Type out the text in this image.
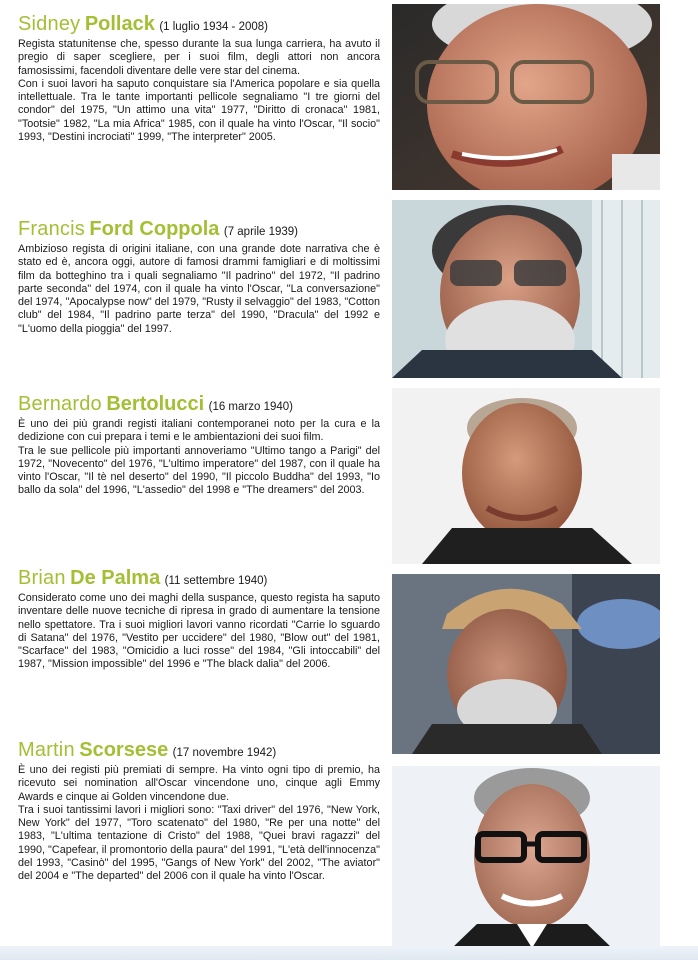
Sidney Pollack (1 luglio 1934 - 2008)

Regista statunitense che, spesso durante la sua lunga carriera, ha avuto il pregio di saper scegliere, per i suoi film, degli attori non ancora famosissimi, facendoli diventare delle vere star del cinema.

Con i suoi lavori ha saputo conquistare sia l'America popolare e sia quella intellettuale. Tra le tante importanti pellicole segnaliamo "I tre giorni del condor" del 1975, "Un attimo una vita" 1977, "Diritto di cronaca" 1981, "Tootsie" 1982, "La mia Africa" 1985, con il quale ha vinto l'Oscar, "Il socio" 1993, "Destini incrociati" 1999, "The interpreter" 2005.

Francis Ford Coppola (7 aprile 1939)

Ambizioso regista di origini italiane, con una grande dote narrativa che è stato ed è, ancora oggi, autore di famosi drammi famigliari e di moltissimi film da botteghino tra i quali segnaliamo "Il padrino" del 1972, "Il padrino parte seconda" del 1974, con il quale ha vinto l'Oscar, "La conversazione" del 1974, "Apocalypse now" del 1979, "Rusty il selvaggio" del 1983, "Cotton club" del 1984, "Il padrino parte terza" del 1990, "Dracula" del 1992 e "L'uomo della pioggia" del 1997.

Bernardo Bertolucci (16 marzo 1940)

È uno dei più grandi registi italiani contemporanei noto per la cura e la dedizione con cui prepara i temi e le ambientazioni dei suoi film.

Tra le sue pellicole più importanti annoveriamo "Ultimo tango a Parigi" del 1972, "Novecento" del 1976, "L'ultimo imperatore" del 1987, con il quale ha vinto l'Oscar, "Il tè nel deserto" del 1990, "Il piccolo Buddha" del 1993, "Io ballo da sola" del 1996, "L'assedio" del 1998 e "The dreamers" del 2003.

Brian De Palma (11 settembre 1940)

Considerato come uno dei maghi della suspance, questo regista ha saputo inventare delle nuove tecniche di ripresa in grado di aumentare la tensione nello spettatore. Tra i suoi migliori lavori vanno ricordati "Carrie lo sguardo di Satana" del 1976, "Vestito per uccidere" del 1980, "Blow out" del 1981, "Scarface" del 1983, "Omicidio a luci rosse" del 1984, "Gli intoccabili" del 1987, "Mission impossible" del 1996 e "The black dalia" del 2006.

Martin Scorsese (17 novembre 1942)

È uno dei registi più premiati di sempre. Ha vinto ogni tipo di premio, ha ricevuto sei nomination all'Oscar vincendone uno, cinque agli Emmy Awards e cinque ai Golden vincendone due.

Tra i suoi tantissimi lavori i migliori sono: "Taxi driver" del 1976, "New York, New York" del 1977, "Toro scatenato" del 1980, "Re per una notte" del 1983, "L'ultima tentazione di Cristo" del 1988, "Quei bravi ragazzi" del 1990, "Capefear, il promontorio della paura" del 1991, "L'età dell'innocenza" del 1993, "Casinò" del 1995, "Gangs of New York" del 2002, "The aviator" del 2004 e "The departed" del 2006 con il quale ha vinto l'Oscar.
